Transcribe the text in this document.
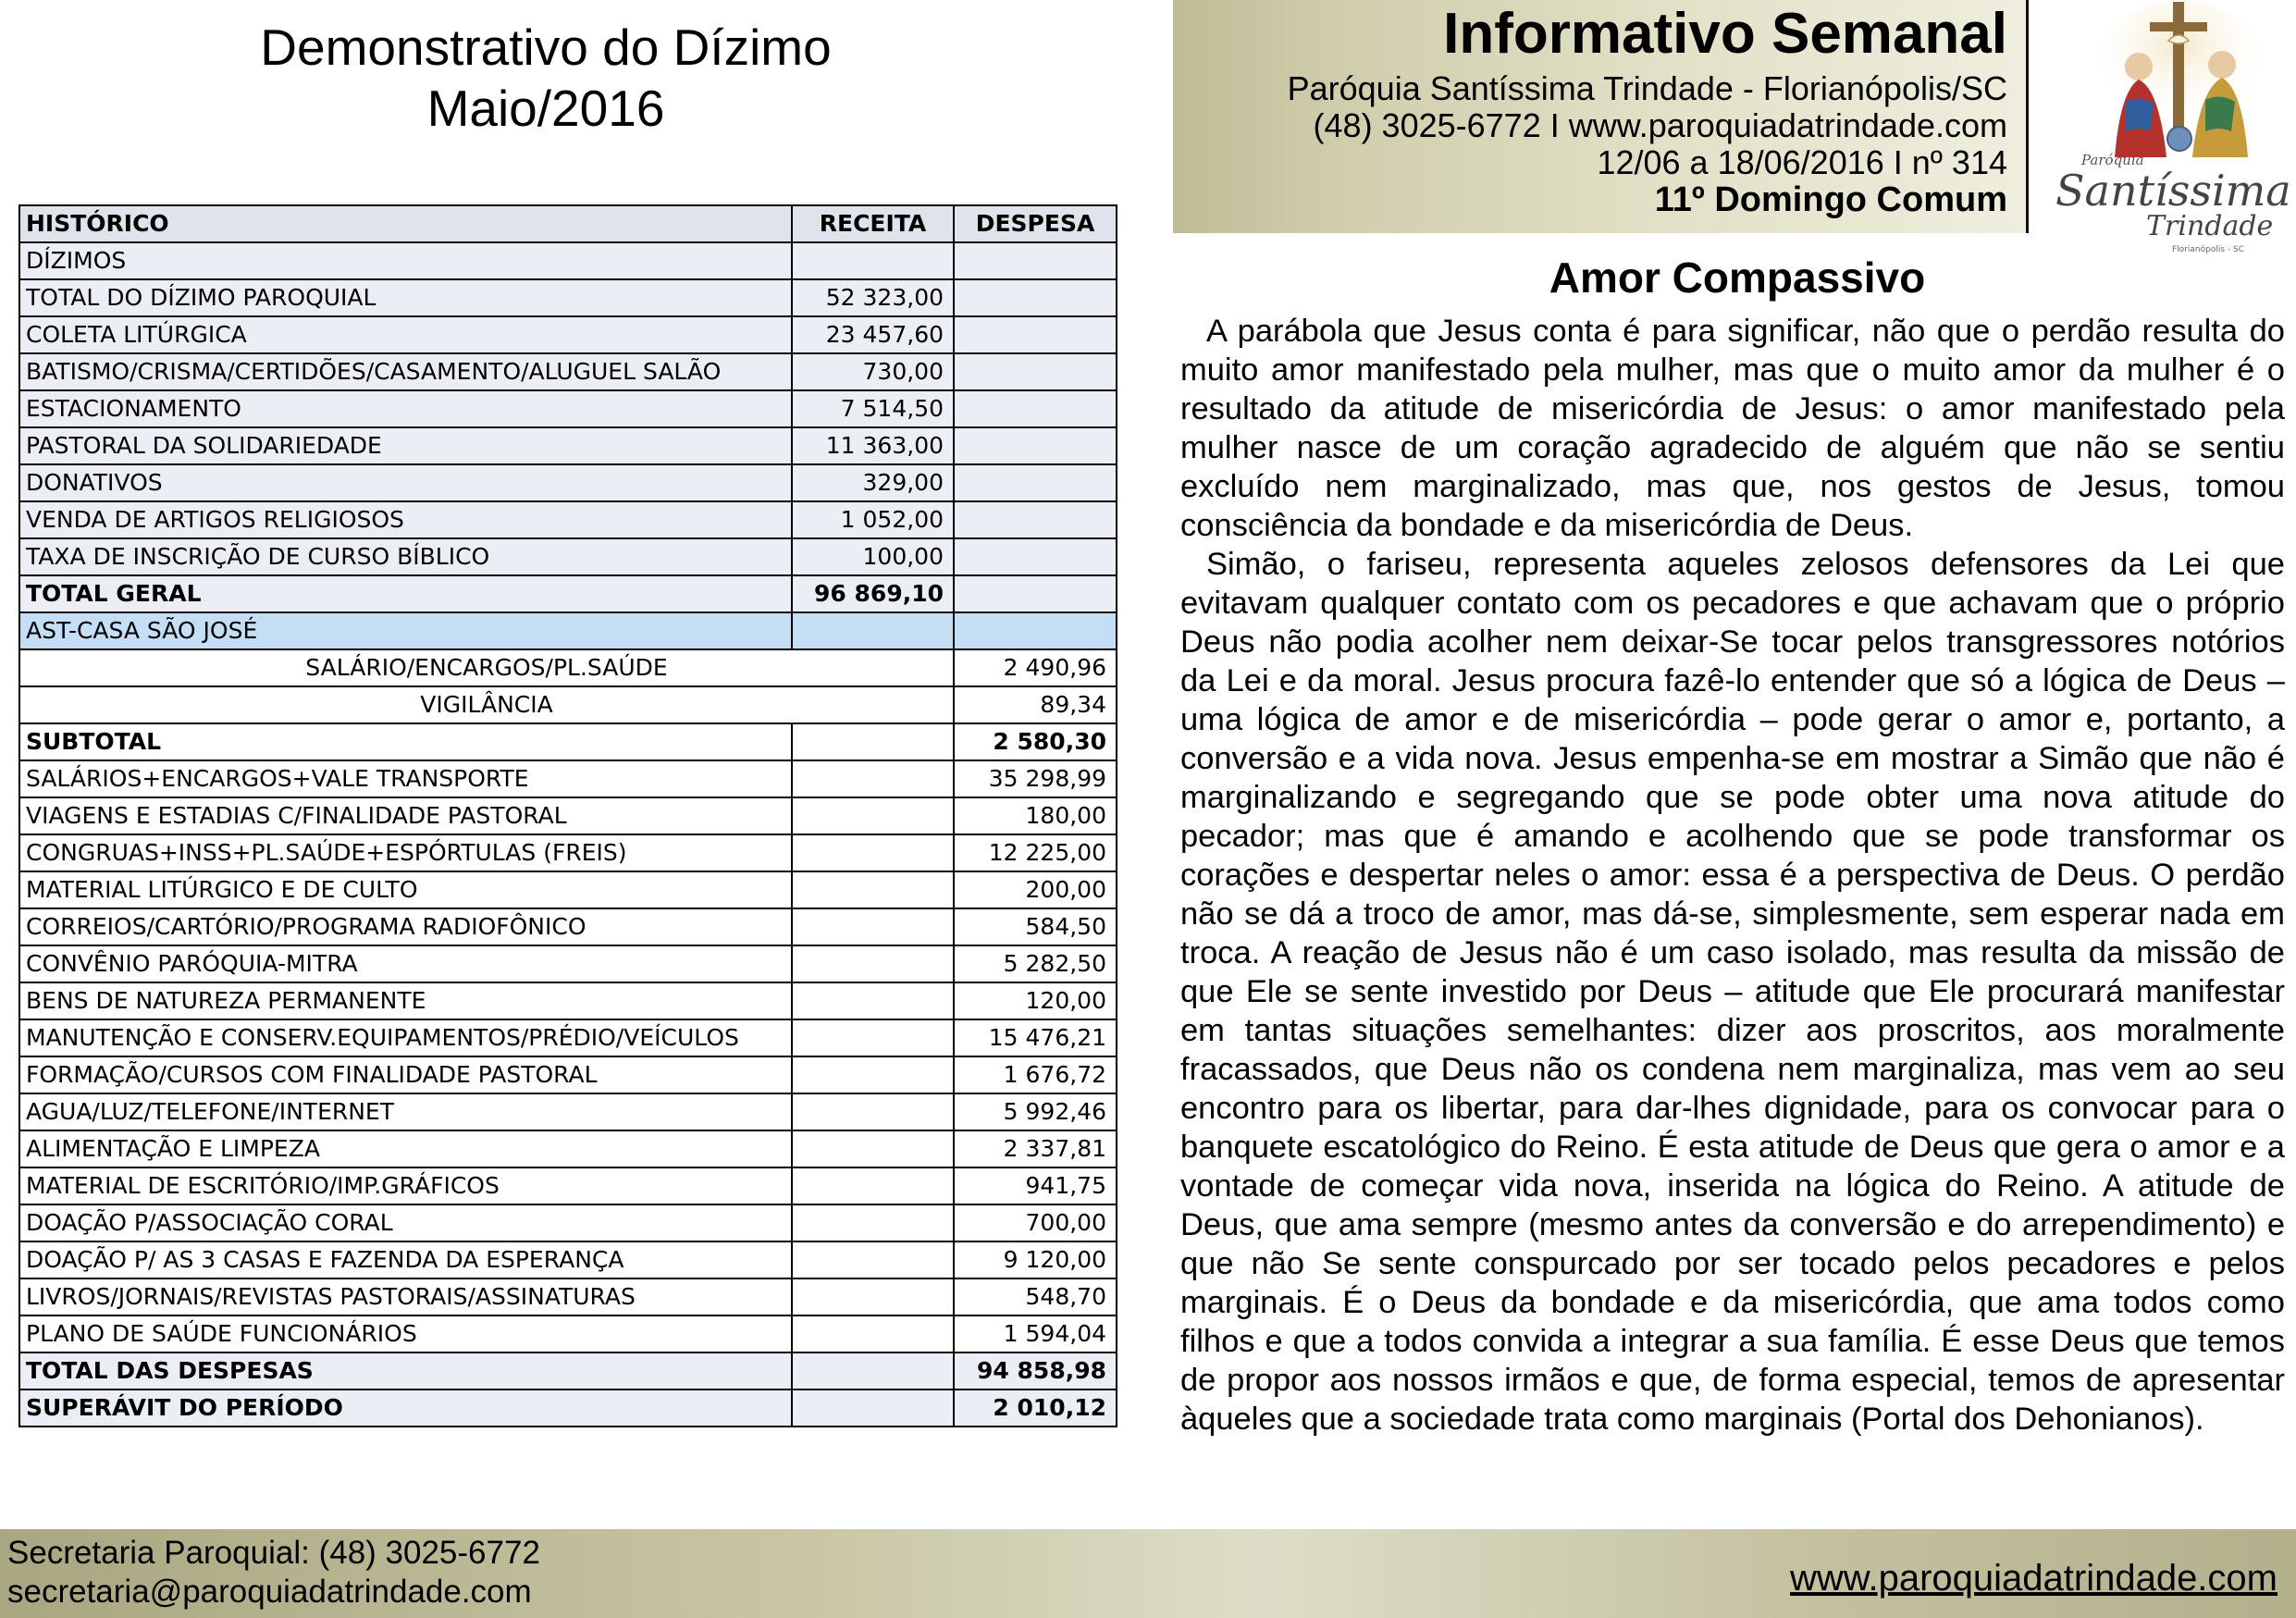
Demonstrativo do Dízimo
Maio/2016
HISTÓRICO	RECEITA	DESPESA
DÍZIMOS		
TOTAL DO DÍZIMO PAROQUIAL	52 323,00	
COLETA LITÚRGICA	23 457,60	
BATISMO/CRISMA/CERTIDÕES/CASAMENTO/ALUGUEL SALÃO	730,00	
ESTACIONAMENTO	7 514,50	
PASTORAL DA SOLIDARIEDADE	11 363,00	
DONATIVOS	329,00	
VENDA DE ARTIGOS RELIGIOSOS	1 052,00	
TAXA DE INSCRIÇÃO DE CURSO BÍBLICO	100,00	
TOTAL GERAL	96 869,10	
AST-CASA SÃO JOSÉ		
SALÁRIO/ENCARGOS/PL.SAÚDE		2 490,96
VIGILÂNCIA		89,34
SUBTOTAL		2 580,30
SALÁRIOS+ENCARGOS+VALE TRANSPORTE		35 298,99
VIAGENS E ESTADIAS C/FINALIDADE PASTORAL		180,00
CONGRUAS+INSS+PL.SAÚDE+ESPÓRTULAS (FREIS)		12 225,00
MATERIAL LITÚRGICO E DE CULTO		200,00
CORREIOS/CARTÓRIO/PROGRAMA RADIOFÔNICO		584,50
CONVÊNIO PARÓQUIA-MITRA		5 282,50
BENS DE NATUREZA PERMANENTE		120,00
MANUTENÇÃO E CONSERV.EQUIPAMENTOS/PRÉDIO/VEÍCULOS		15 476,21
FORMAÇÃO/CURSOS COM FINALIDADE PASTORAL		1 676,72
AGUA/LUZ/TELEFONE/INTERNET		5 992,46
ALIMENTAÇÃO E LIMPEZA		2 337,81
MATERIAL DE ESCRITÓRIO/IMP.GRÁFICOS		941,75
DOAÇÃO P/ASSOCIAÇÃO CORAL		700,00
DOAÇÃO P/ AS 3 CASAS E FAZENDA DA ESPERANÇA		9 120,00
LIVROS/JORNAIS/REVISTAS PASTORAIS/ASSINATURAS		548,70
PLANO DE SAÚDE FUNCIONÁRIOS		1 594,04
TOTAL DAS DESPESAS		94 858,98
SUPERÁVIT DO PERÍODO		2 010,12
Informativo Semanal
Paróquia Santíssima Trindade - Florianópolis/SC
(48) 3025-6772 I www.paroquiadatrindade.com
12/06 a 18/06/2016 I nº 314
11º Domingo Comum
Paróquia
Santíssima
Trindade
Florianópolis - SC
Amor Compassivo

A parábola que Jesus conta é para significar, não que o perdão resulta do muito amor manifestado pela mulher, mas que o muito amor da mulher é o resultado da atitude de misericórdia de Jesus: o amor manifestado pela mulher nasce de um coração agradecido de alguém que não se sentiu excluído nem marginalizado, mas que, nos gestos de Jesus, tomou consciência da bondade e da misericórdia de Deus.

Simão, o fariseu, representa aqueles zelosos defensores da Lei que evitavam qualquer contato com os pecadores e que achavam que o próprio Deus não podia acolher nem deixar-Se tocar pelos transgressores notórios da Lei e da moral. Jesus procura fazê-lo entender que só a lógica de Deus – uma lógica de amor e de misericórdia – pode gerar o amor e, portanto, a conversão e a vida nova. Jesus empenha-se em mostrar a Simão que não é marginalizando e segregando que se pode obter uma nova atitude do pecador; mas que é amando e acolhendo que se pode transformar os corações e despertar neles o amor: essa é a perspectiva de Deus. O perdão não se dá a troco de amor, mas dá-se, simplesmente, sem esperar nada em troca. A reação de Jesus não é um caso isolado, mas resulta da missão de que Ele se sente investido por Deus – atitude que Ele procurará manifestar em tantas situações semelhantes: dizer aos proscritos, aos moralmente fracassados, que Deus não os condena nem marginaliza, mas vem ao seu encontro para os libertar, para dar-lhes dignidade, para os convocar para o banquete escatológico do Reino. É esta atitude de Deus que gera o amor e a vontade de começar vida nova, inserida na lógica do Reino. A atitude de Deus, que ama sempre (mesmo antes da conversão e do arrependimento) e que não Se sente conspurcado por ser tocado pelos pecadores e pelos marginais. É o Deus da bondade e da misericórdia, que ama todos como filhos e que a todos convida a integrar a sua família. É esse Deus que temos de propor aos nossos irmãos e que, de forma especial, temos de apresentar àqueles que a sociedade trata como marginais (Portal dos Dehonianos).

Secretaria Paroquial: (48) 3025-6772
secretaria@paroquiadatrindade.com	www.paroquiadatrindade.com
